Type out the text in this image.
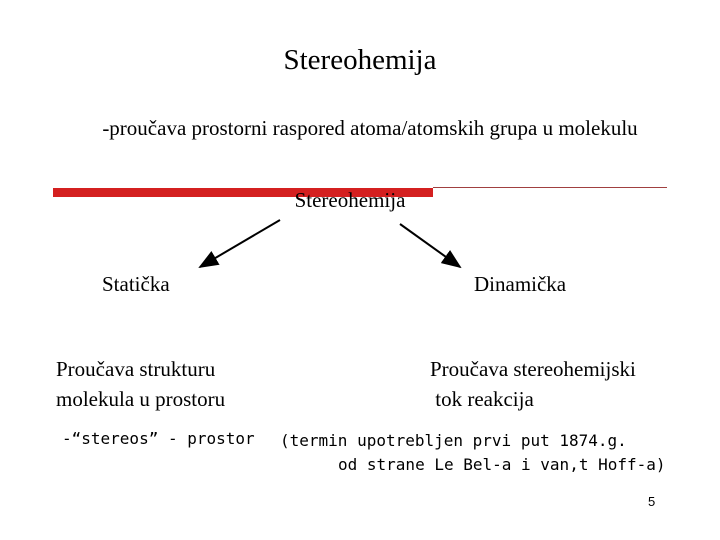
Stereohemija
-proučava prostorni raspored atoma/atomskih grupa u molekulu
Stereohemija
Statička	Dinamička
Proučava strukturu
molekula u prostoru
Proučava stereohemijski
tok reakcija
-“stereos” - prostor (termin upotrebljen prvi put 1874.g.
od strane Le Bel-a i van,t Hoff-a)
5
